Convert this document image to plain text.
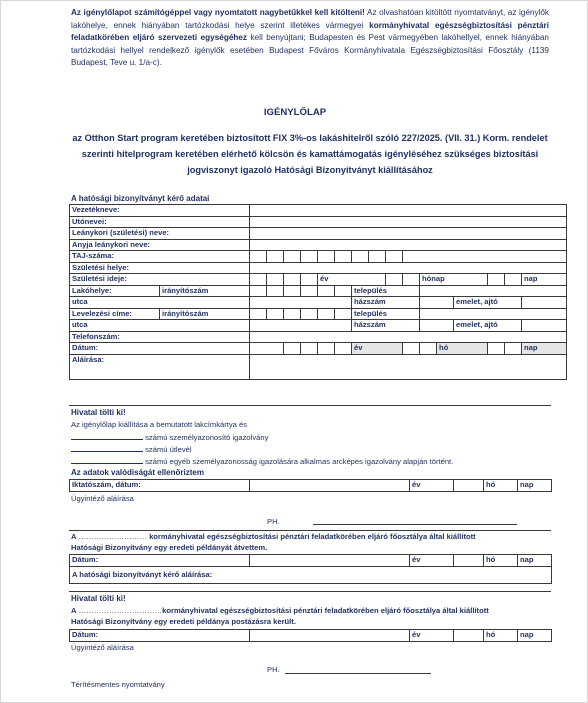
Az igénylőlapot számítógéppel vagy nyomtatott nagybetűkkel kell kitölteni! Az olvashatóan kitöltött nyomtatványt, az igénylők lakóhelye, ennek hiányában tartózkodási helye szerint illetékes vármegyei kormányhivatal egészségbiztosítási pénztári feladatkörében eljáró szervezeti egységéhez kell benyújtani; Budapesten és Pest vármegyében lakóhellyel, ennek hiányában tartózkodási hellyel rendelkező igénylők esetében Budapest Főváros Kormányhivatala Egészségbiztosítási Főosztály (1139 Budapest, Teve u. 1/a-c).
IGÉNYLŐLAP
az Otthon Start program keretében biztosított FIX 3%-os lakáshitelről szóló 227/2025. (VII. 31.) Korm. rendelet szerinti hitelprogram keretében elérhető kölcsön és kamattámogatás igényléséhez szükséges biztosítási jogviszonyt igazoló Hatósági Bizonyítványt kiállításához
A hatósági bizonyítványt kérő adatai
Vezetékneve:																	
Utónevei:																	
Leánykori (születési) neve:																	
Anyja leánykori neve:																	
TAJ-száma:																	
Születési helye:																	
Születési ideje:						év						hónap					nap
Lakóhelye:	irányítószám							település									
utca								házszám						emelet, ajtó			
Levelezési címe:	irányítószám							település									
utca								házszám						emelet, ajtó			
Telefonszám:																	
Dátum:								év					hó				nap
Aláírása:																	
Hivatal tölti ki!
Az igénylőlap kiállítása a bemutatott lakcímkártya és
számú személyazonosító igazolvány
számú útlevél
számú egyéb személyazonosság igazolására alkalmas arcképes igazolvány alapján történt.
Az adatok valódiságát ellenőriztem
Iktatószám, dátum:		év		hó	nap
Ügyintéző aláírása
PH.
A ……………………… kormányhivatal egészségbiztosítási pénztári feladatkörében eljáró főosztálya által kiállított
Hatósági Bizonyítvány egy eredeti példányát átvettem.
Dátum:		év		hó	nap
A hatósági bizonyítványt kérő aláírása:
Hivatal tölti ki!
A ……………………………kormányhivatal egészségbiztosítási pénztári feladatkörében eljáró főosztálya által kiállított
Hatósági Bizonyítvány egy eredeti példánya postázásra került.
Dátum:		év		hó	nap
Ügyintéző aláírása
PH.
Térítésmentes nyomtatvány
